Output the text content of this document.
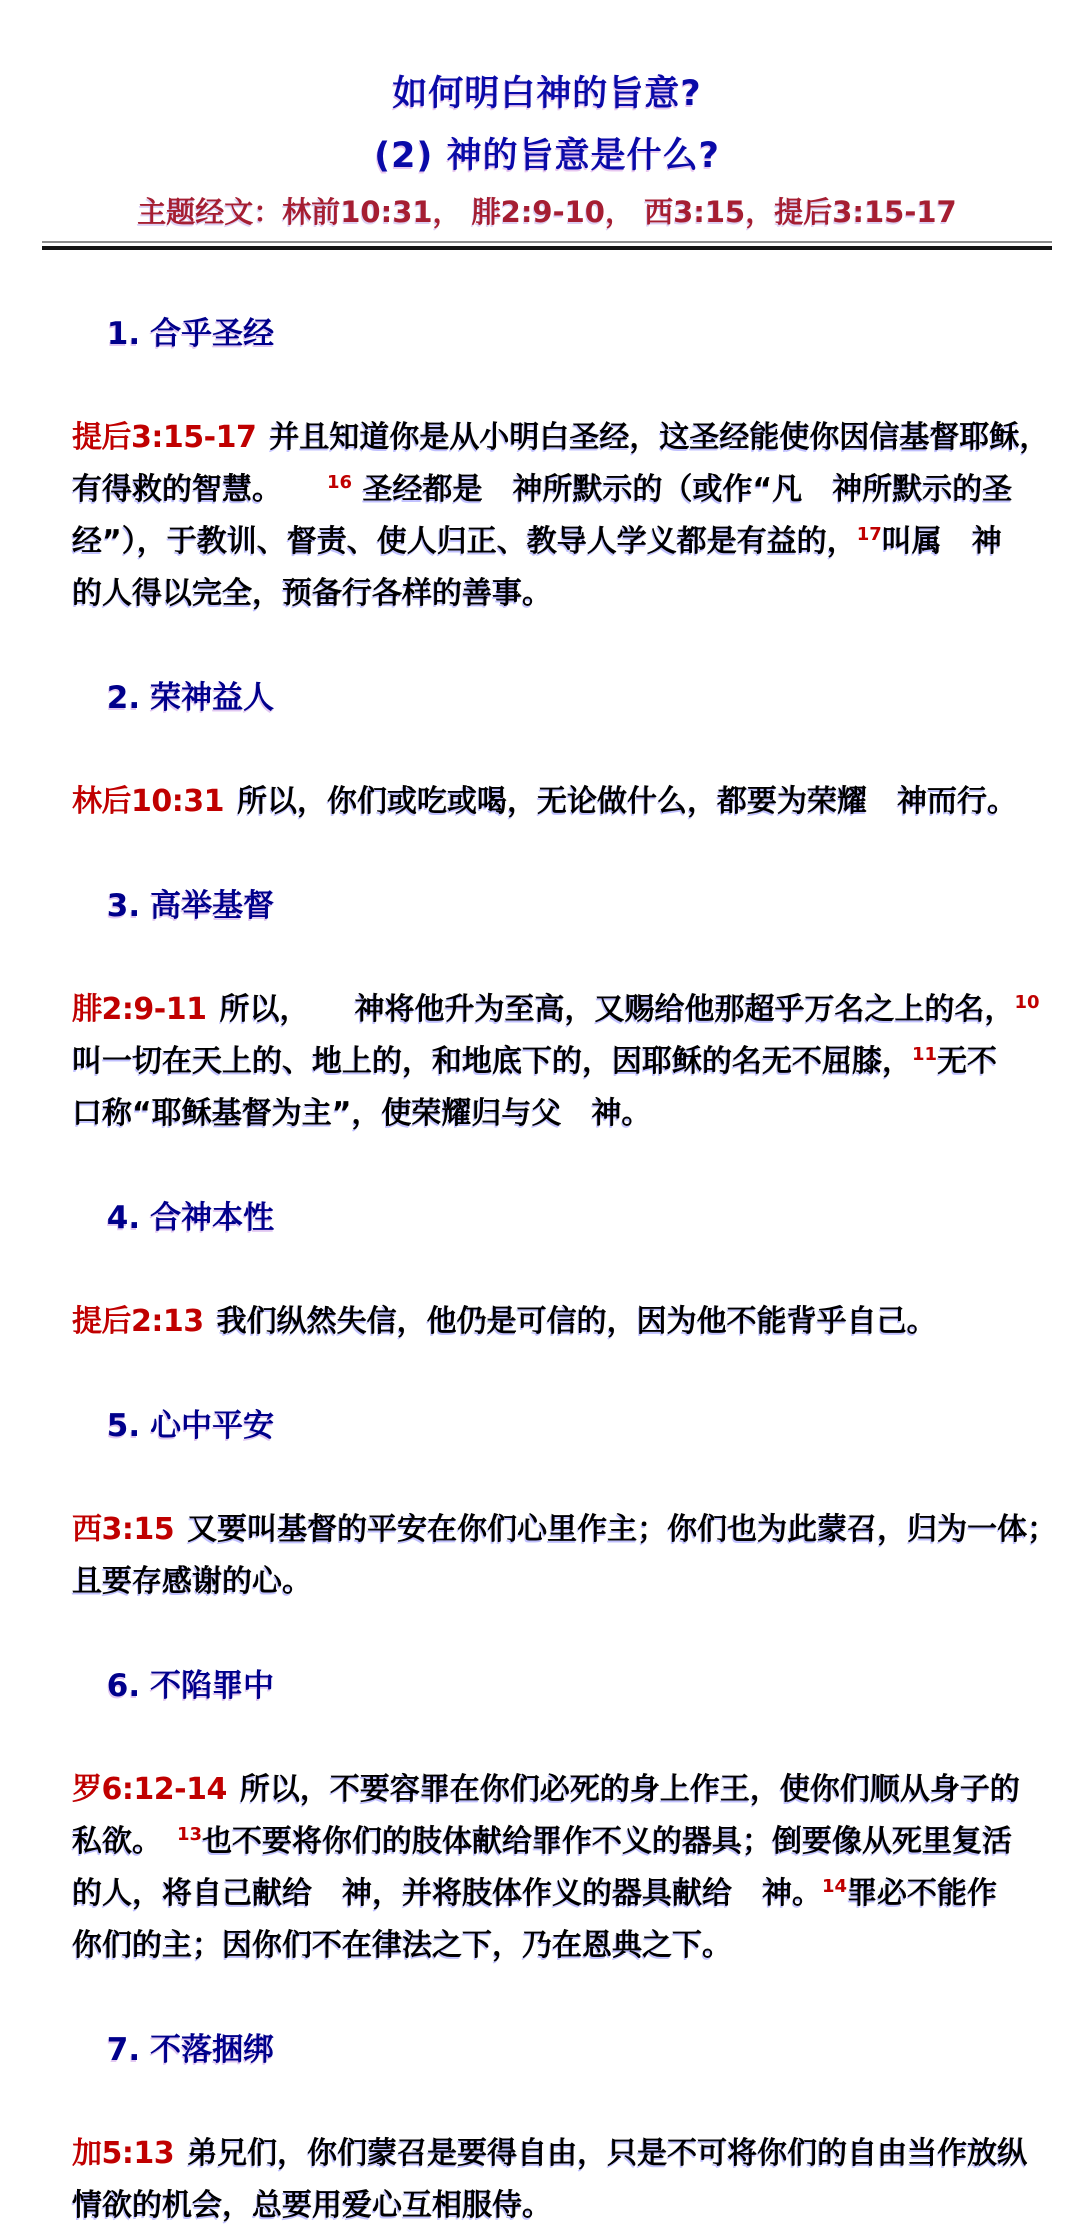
如何明白神的旨意?
(2) 神的旨意是什么?
主题经文：林前10:31， 腓2:9-10， 西3:15，提后3:15-17

1. 合乎圣经

提后3:15-17 并且知道你是从小明白圣经，这圣经能使你因信基督耶稣，
有得救的智慧。　　$^{16}$ 圣经都是　神所默示的（或作“凡　神所默示的圣
经”），于教训、督责、使人归正、教导人学义都是有益的，$^{17}$叫属　神
的人得以完全，预备行各样的善事。

2. 荣神益人

林后10:31 所以，你们或吃或喝，无论做什么，都要为荣耀　神而行。

3. 高举基督

腓2:9-11 所以，　　神将他升为至高，又赐给他那超乎万名之上的名，$^{10}$
叫一切在天上的、地上的，和地底下的，因耶稣的名无不屈膝，$^{11}$无不
口称“耶稣基督为主”，使荣耀归与父　神。

4. 合神本性

提后2:13 我们纵然失信，他仍是可信的，因为他不能背乎自己。

5. 心中平安

西3:15 又要叫基督的平安在你们心里作主；你们也为此蒙召，归为一体；
且要存感谢的心。

6. 不陷罪中

罗6:12-14 所以，不要容罪在你们必死的身上作王，使你们顺从身子的
私欲。　$^{13}$也不要将你们的肢体献给罪作不义的器具；倒要像从死里复活
的人，将自己献给　神，并将肢体作义的器具献给　神。$^{14}$罪必不能作
你们的主；因你们不在律法之下，乃在恩典之下。

7. 不落捆绑

加5:13 弟兄们，你们蒙召是要得自由，只是不可将你们的自由当作放纵
情欲的机会，总要用爱心互相服侍。
